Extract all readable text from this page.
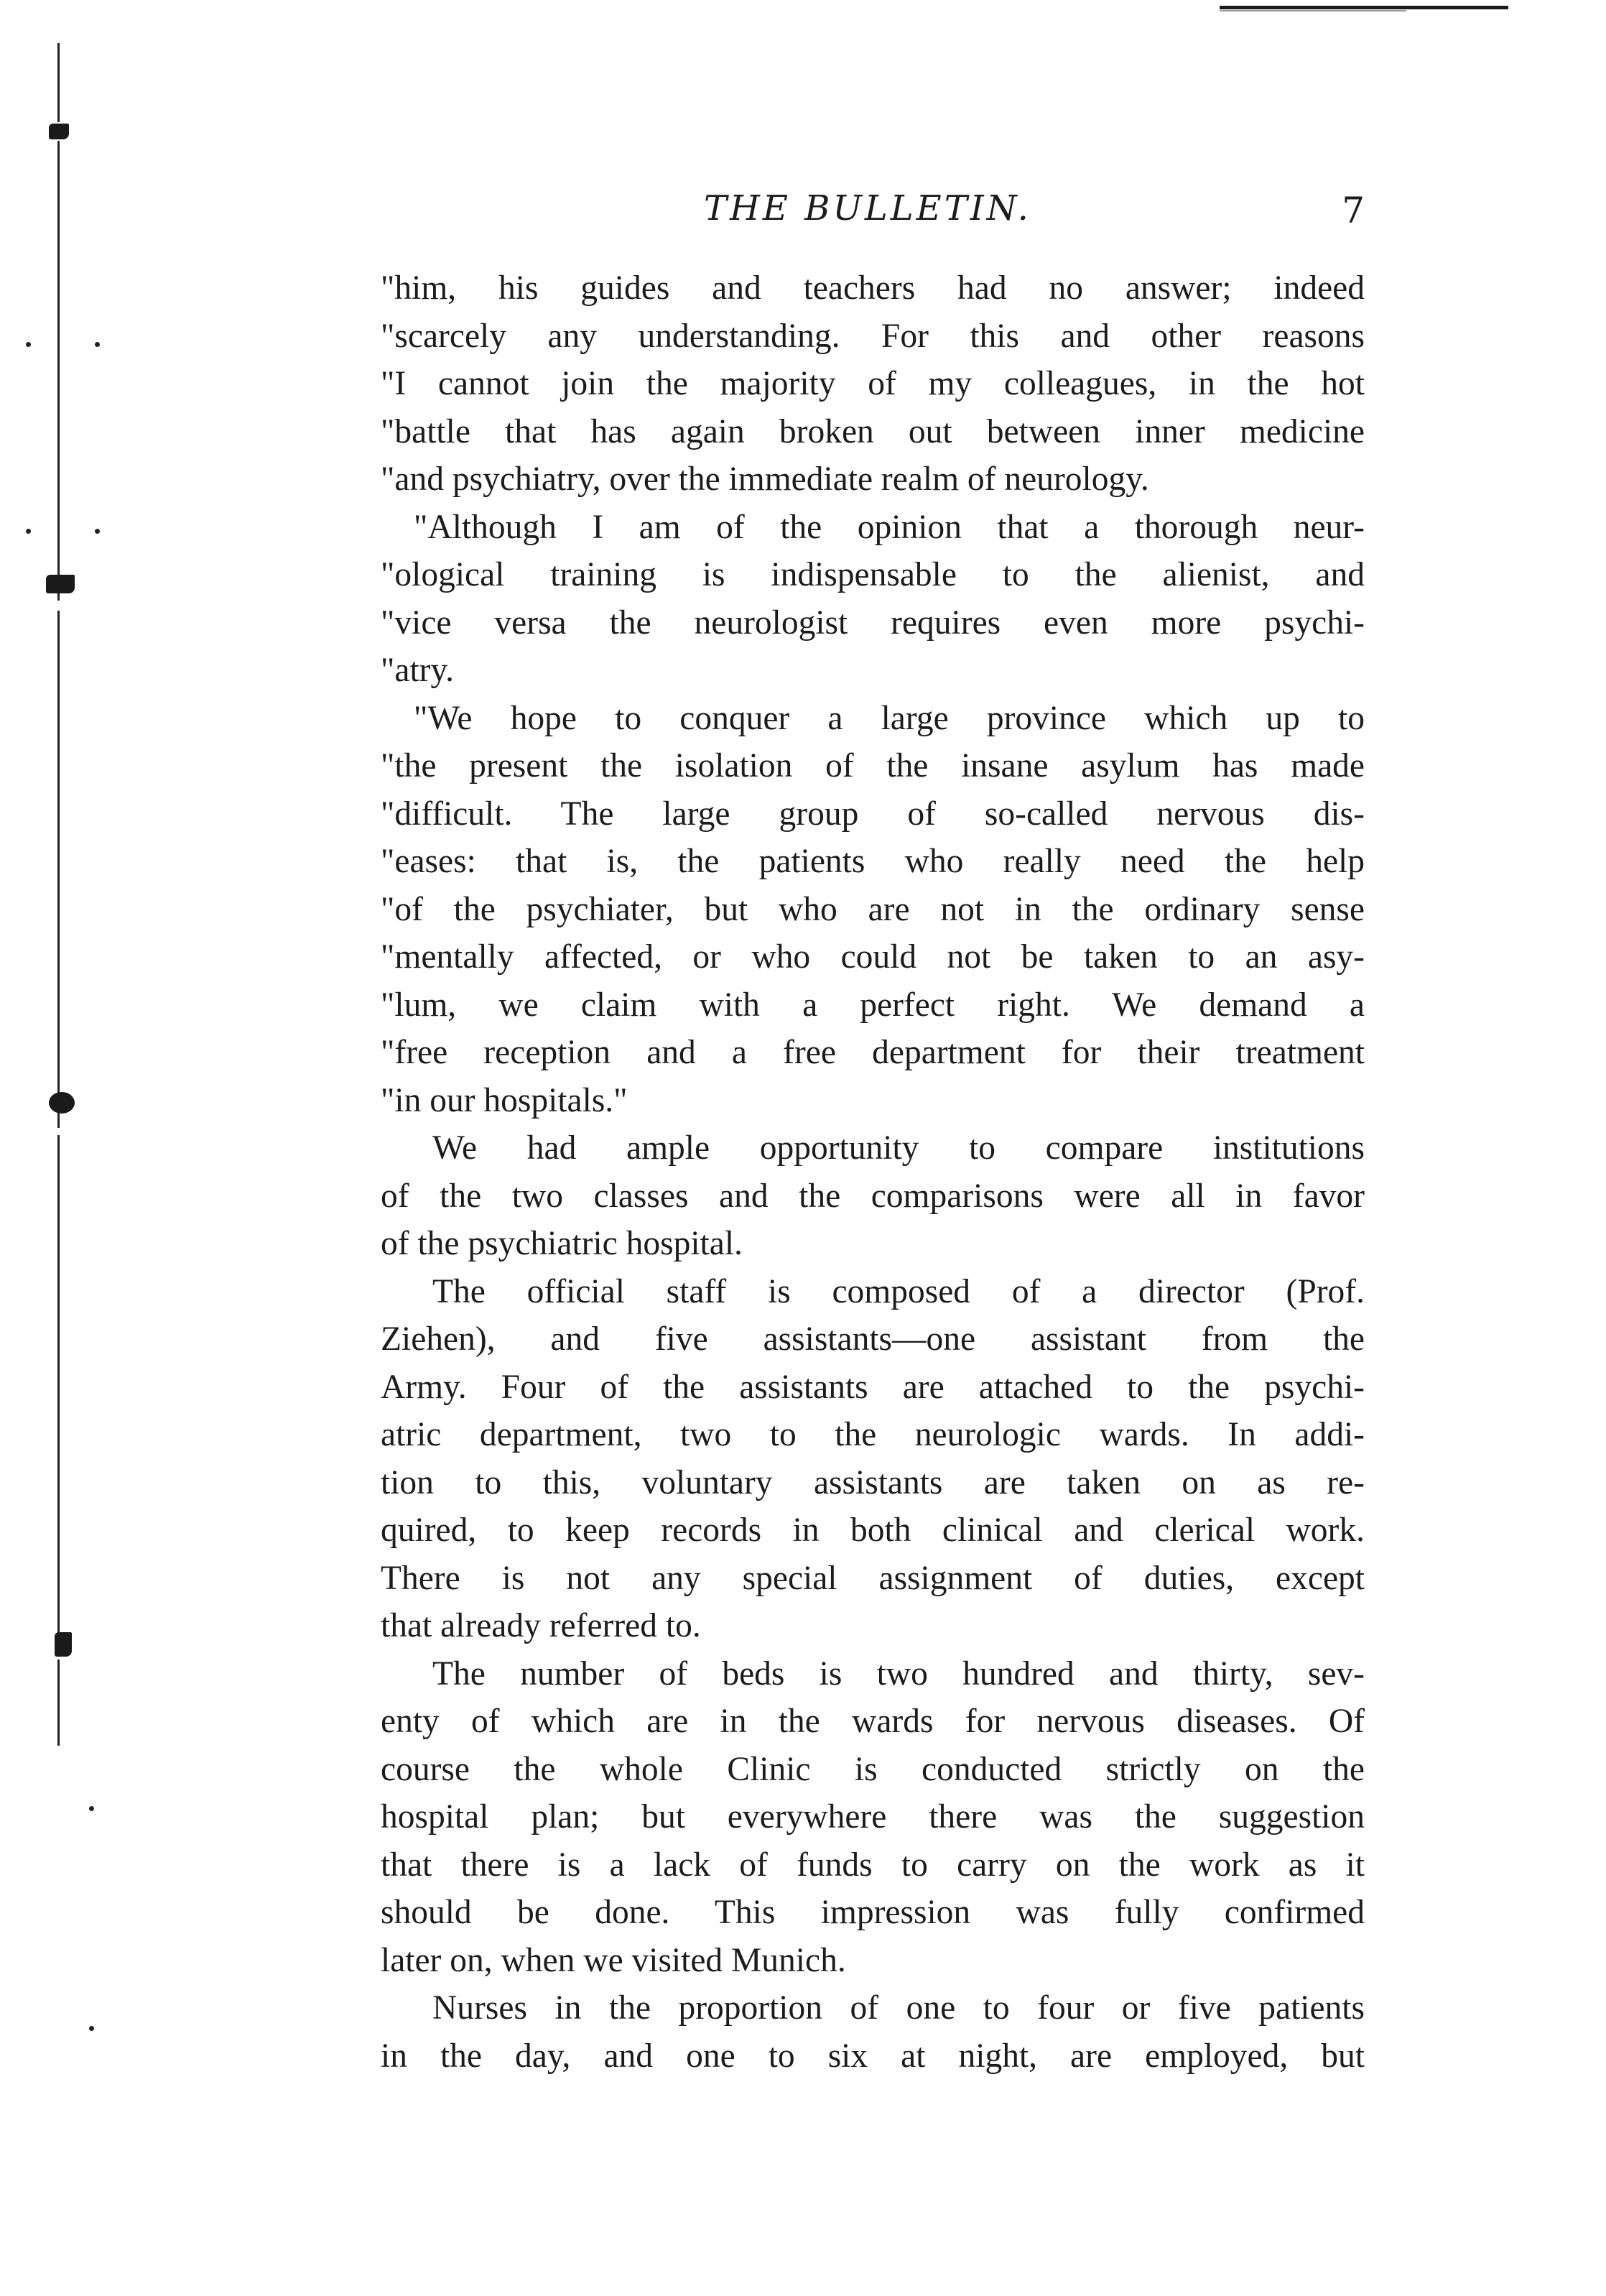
THE BULLETIN.	7

"him, his guides and teachers had no answer; indeed
"scarcely any understanding. For this and other reasons
"I cannot join the majority of my colleagues, in the hot
"battle that has again broken out between inner medicine
"and psychiatry, over the immediate realm of neurology.

"Although I am of the opinion that a thorough neur-
"ological training is indispensable to the alienist, and
"vice versa the neurologist requires even more psychi-
"atry.

"We hope to conquer a large province which up to
"the present the isolation of the insane asylum has made
"difficult. The large group of so-called nervous dis-
"eases: that is, the patients who really need the help
"of the psychiater, but who are not in the ordinary sense
"mentally affected, or who could not be taken to an asy-
"lum, we claim with a perfect right. We demand a
"free reception and a free department for their treatment
"in our hospitals."

We had ample opportunity to compare institutions
of the two classes and the comparisons were all in favor
of the psychiatric hospital.

The official staff is composed of a director (Prof.
Ziehen), and five assistants—one assistant from the
Army. Four of the assistants are attached to the psychi-
atric department, two to the neurologic wards. In addi-
tion to this, voluntary assistants are taken on as re-
quired, to keep records in both clinical and clerical work.
There is not any special assignment of duties, except
that already referred to.

The number of beds is two hundred and thirty, sev-
enty of which are in the wards for nervous diseases. Of
course the whole Clinic is conducted strictly on the
hospital plan; but everywhere there was the suggestion
that there is a lack of funds to carry on the work as it
should be done. This impression was fully confirmed
later on, when we visited Munich.

Nurses in the proportion of one to four or five patients
in the day, and one to six at night, are employed, but
